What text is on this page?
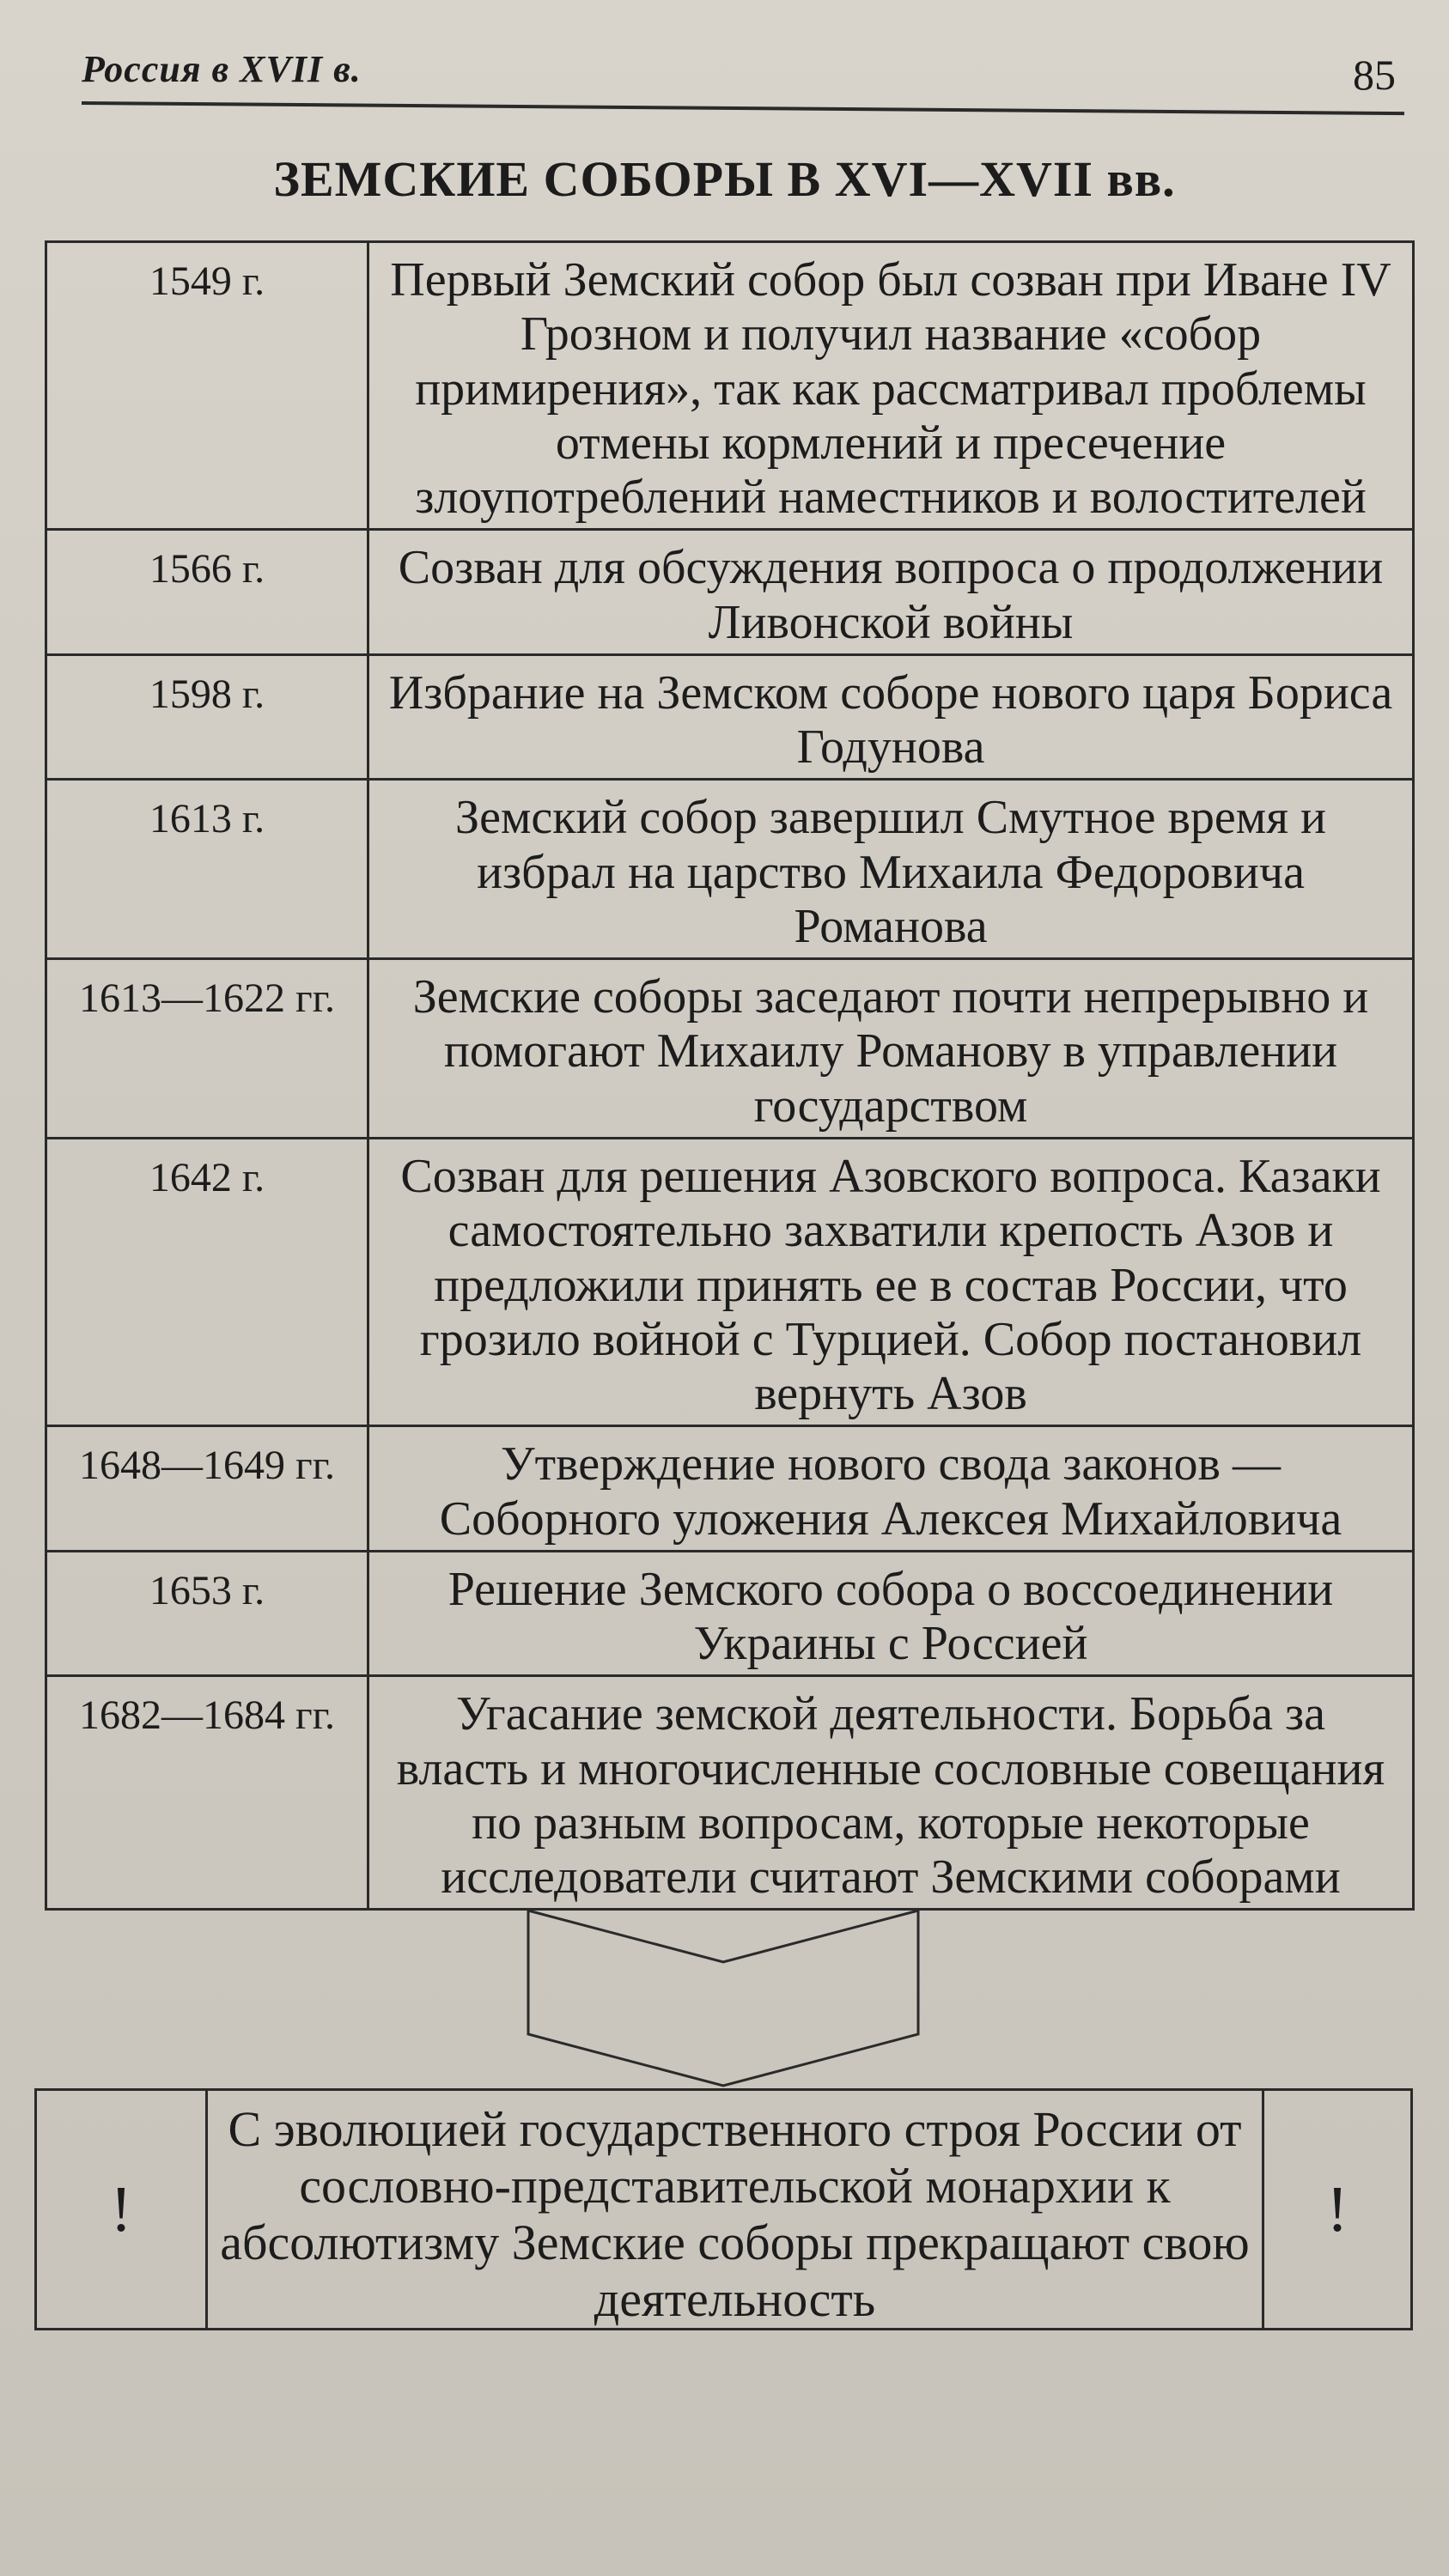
Россия в XVII в.	85
ЗЕМСКИЕ СОБОРЫ В XVI—XVII вв.
1549 г.	Первый Земский собор был созван при Иване IV Грозном и получил название «собор примирения», так как рассматривал проблемы отмены кормлений и пресечение злоупотреблений наместников и волостителей
1566 г.	Созван для обсуждения вопроса о продолжении Ливонской войны
1598 г.	Избрание на Земском соборе нового царя Бориса Годунова
1613 г.	Земский собор завершил Смутное время и избрал на царство Михаила Федоровича Романова
1613—1622 гг.	Земские соборы заседают почти непрерывно и помогают Михаилу Романову в управлении государством
1642 г.	Созван для решения Азовского вопроса. Казаки самостоятельно захватили крепость Азов и предложили принять ее в состав России, что грозило войной с Турцией. Собор постановил вернуть Азов
1648—1649 гг.	Утверждение нового свода законов — Соборного уложения Алексея Михайловича
1653 г.	Решение Земского собора о воссоединении Украины с Россией
1682—1684 гг.	Угасание земской деятельности. Борьба за власть и многочисленные сословные совещания по разным вопросам, которые некоторые исследователи считают Земскими соборами
!
С эволюцией государственного строя России от сословно-представительской монархии к абсолютизму Земские соборы прекращают свою деятельность
!
